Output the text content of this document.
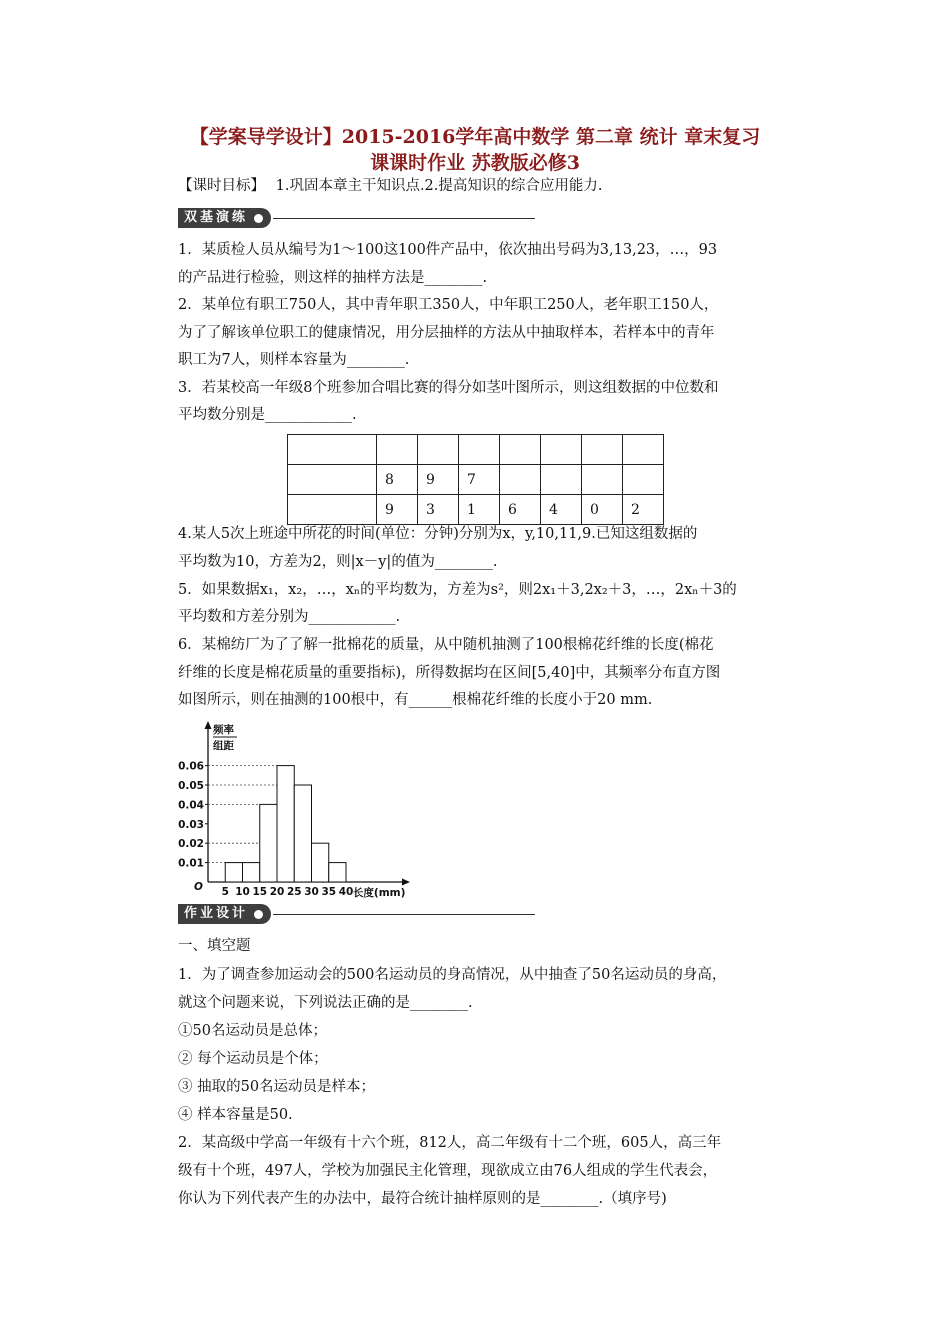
【学案导学设计】2015-2016学年高中数学 第二章 统计 章末复习
课课时作业 苏教版必修3
【课时目标】 1.巩固本章主干知识点.2.提高知识的综合应用能力.
双基演练
1．某质检人员从编号为1～100这100件产品中，依次抽出号码为3,13,23，…，93
的产品进行检验，则这样的抽样方法是________.
2．某单位有职工750人，其中青年职工350人，中年职工250人，老年职工150人，
为了了解该单位职工的健康情况，用分层抽样的方法从中抽取样本，若样本中的青年
职工为7人，则样本容量为________.
3．若某校高一年级8个班参加合唱比赛的得分如茎叶图所示，则这组数据的中位数和
平均数分别是____________.

	8	9	7				
	9	3	1	6	4	0	2
4.某人5次上班途中所花的时间(单位：分钟)分别为x，y,10,11,9.已知这组数据的
平均数为10，方差为2，则|x－y|的值为________.
5．如果数据x₁，x₂，…，xₙ的平均数为，方差为s²，则2x₁＋3,2x₂＋3，…，2xₙ＋3的
平均数和方差分别为____________.
6．某棉纺厂为了了解一批棉花的质量，从中随机抽测了100根棉花纤维的长度(棉花
纤维的长度是棉花质量的重要指标)，所得数据均在区间[5,40]中，其频率分布直方图
如图所示，则在抽测的100根中，有______根棉花纤维的长度小于20 mm.
频率
组距
O
0.01
0.02
0.03
0.04
0.05
0.06
5 10 15 20 25 30 35 40 长度(mm)
作业设计
一、填空题
1．为了调查参加运动会的500名运动员的身高情况，从中抽查了50名运动员的身高，
就这个问题来说，下列说法正确的是________.
①50名运动员是总体；
② 每个运动员是个体；
③ 抽取的50名运动员是样本；
④ 样本容量是50.
2．某高级中学高一年级有十六个班，812人，高二年级有十二个班，605人，高三年
级有十个班，497人，学校为加强民主化管理，现欲成立由76人组成的学生代表会，
你认为下列代表产生的办法中，最符合统计抽样原则的是________.（填序号)
